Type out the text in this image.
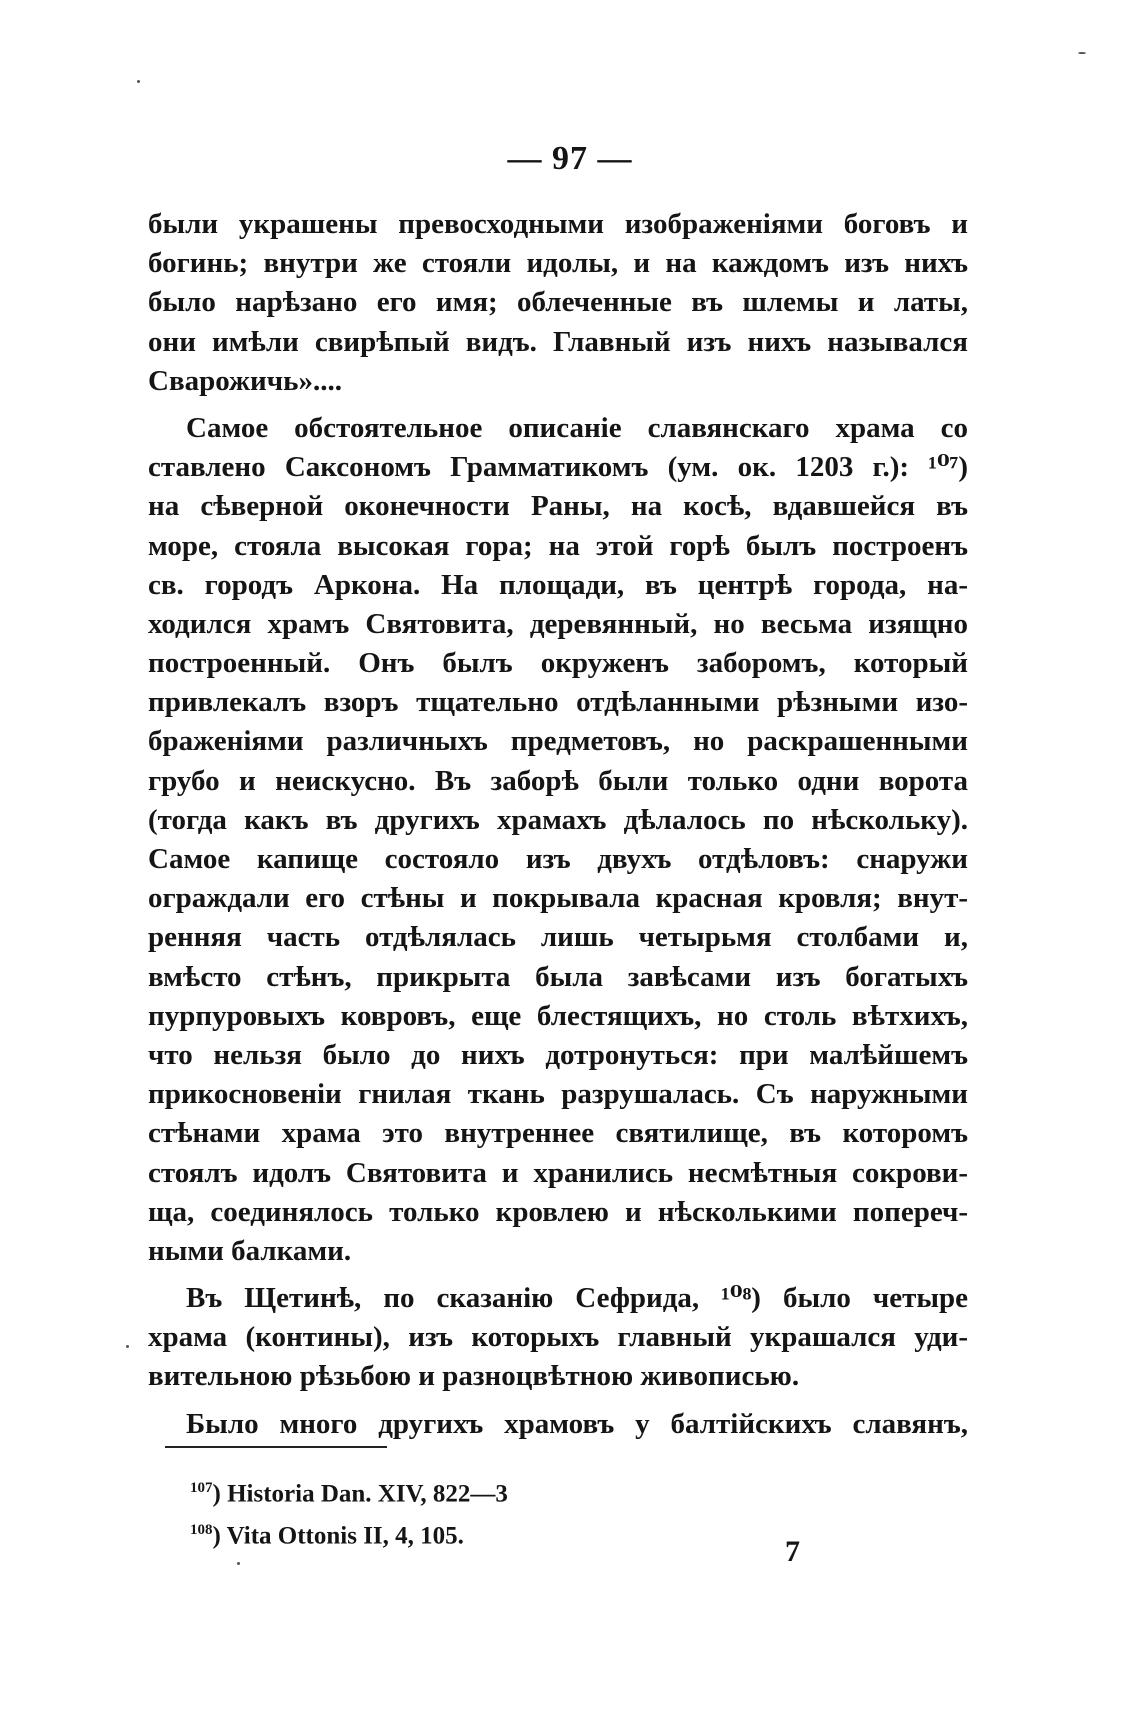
— 97 —
были украшены превосходными изображеніями боговъ и
богинь; внутри же стояли идолы, и на каждомъ изъ нихъ
было нарѣзано его имя; облеченные въ шлемы и латы,
они имѣли свирѣпый видъ. Главный изъ нихъ назывался
Сварожичь»....
Самое обстоятельное описаніе славянскаго храма со
ставлено Саксономъ Грамматикомъ (ум. ок. 1203 г.): ¹⁰⁷)
на сѣверной оконечности Раны, на косѣ, вдавшейся въ
море, стояла высокая гора; на этой горѣ былъ построенъ
св. городъ Аркона. На площади, въ центрѣ города, на-
ходился храмъ Святовита, деревянный, но весьма изящно
построенный. Онъ былъ окруженъ заборомъ, который
привлекалъ взоръ тщательно отдѣланными рѣзными изо-
браженіями различныхъ предметовъ, но раскрашенными
грубо и неискусно. Въ заборѣ были только одни ворота
(тогда какъ въ другихъ храмахъ дѣлалось по нѣскольку).
Самое капище состояло изъ двухъ отдѣловъ: снаружи
ограждали его стѣны и покрывала красная кровля; внут-
ренняя часть отдѣлялась лишь четырьмя столбами и,
вмѣсто стѣнъ, прикрыта была завѣсами изъ богатыхъ
пурпуровыхъ ковровъ, еще блестящихъ, но столь вѣтхихъ,
что нельзя было до нихъ дотронуться: при малѣйшемъ
прикосновеніи гнилая ткань разрушалась. Съ наружными
стѣнами храма это внутреннее святилище, въ которомъ
стоялъ идолъ Святовита и хранились несмѣтныя сокрови-
ща, соединялось только кровлею и нѣсколькими попереч-
ными балками.
Въ Щетинѣ, по сказанію Сефрида, ¹⁰⁸) было четыре
храма (контины), изъ которыхъ главный украшался уди-
вительною рѣзьбою и разноцвѣтною живописью.
Было много другихъ храмовъ у балтійскихъ славянъ,
$^{107}$) Historia Dan. XIV, 822—3
$^{108}$) Vita Ottonis II, 4, 105.	7
